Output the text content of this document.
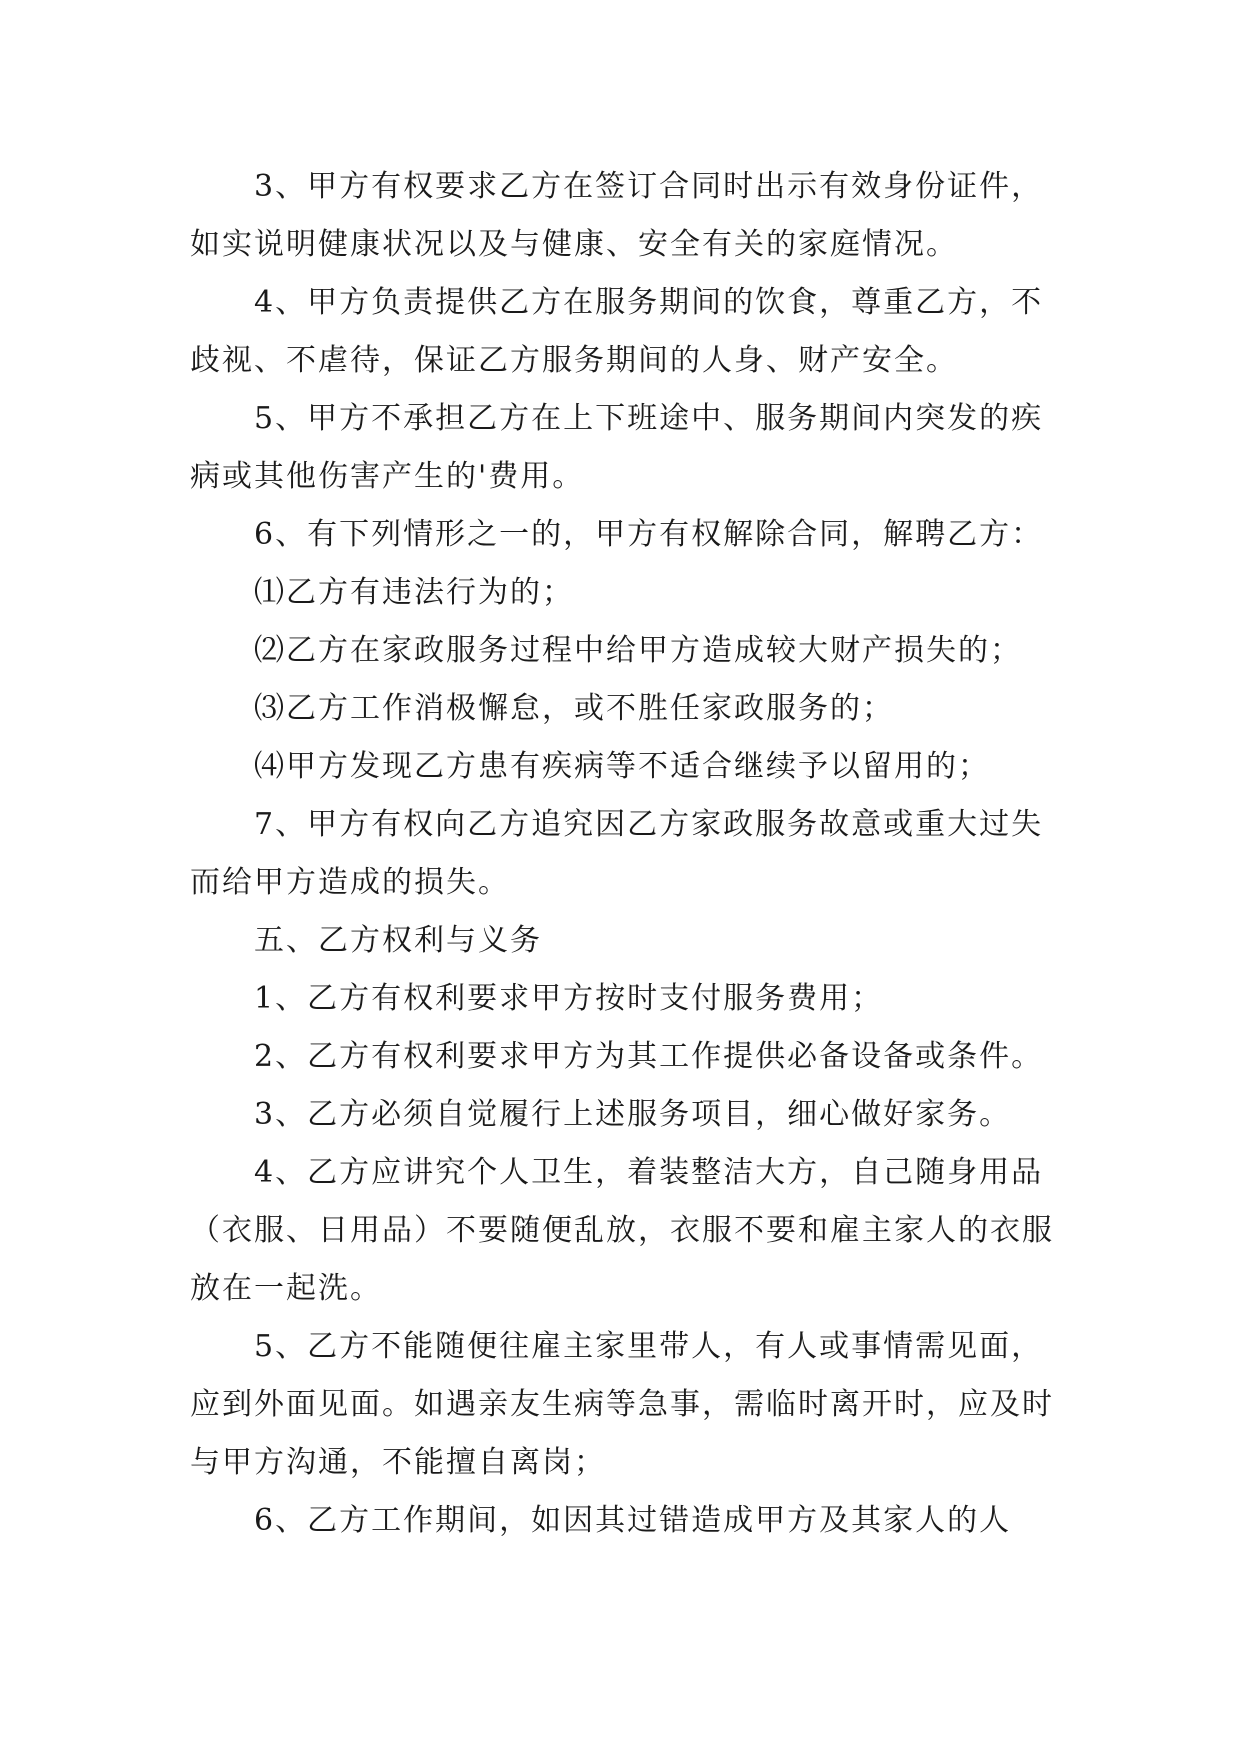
3、甲方有权要求乙方在签订合同时出示有效身份证件，如实说明健康状况以及与健康、安全有关的家庭情况。

4、甲方负责提供乙方在服务期间的饮食，尊重乙方，不歧视、不虐待，保证乙方服务期间的人身、财产安全。

5、甲方不承担乙方在上下班途中、服务期间内突发的疾病或其他伤害产生的'费用。

6、有下列情形之一的，甲方有权解除合同，解聘乙方：

⑴乙方有违法行为的；

⑵乙方在家政服务过程中给甲方造成较大财产损失的；

⑶乙方工作消极懈怠，或不胜任家政服务的；

⑷甲方发现乙方患有疾病等不适合继续予以留用的；

7、甲方有权向乙方追究因乙方家政服务故意或重大过失而给甲方造成的损失。

五、乙方权利与义务

1、乙方有权利要求甲方按时支付服务费用；

2、乙方有权利要求甲方为其工作提供必备设备或条件。

3、乙方必须自觉履行上述服务项目，细心做好家务。

4、乙方应讲究个人卫生，着装整洁大方，自己随身用品（衣服、日用品）不要随便乱放，衣服不要和雇主家人的衣服放在一起洗。

5、乙方不能随便往雇主家里带人，有人或事情需见面，应到外面见面。如遇亲友生病等急事，需临时离开时，应及时与甲方沟通，不能擅自离岗；

6、乙方工作期间，如因其过错造成甲方及其家人的人
